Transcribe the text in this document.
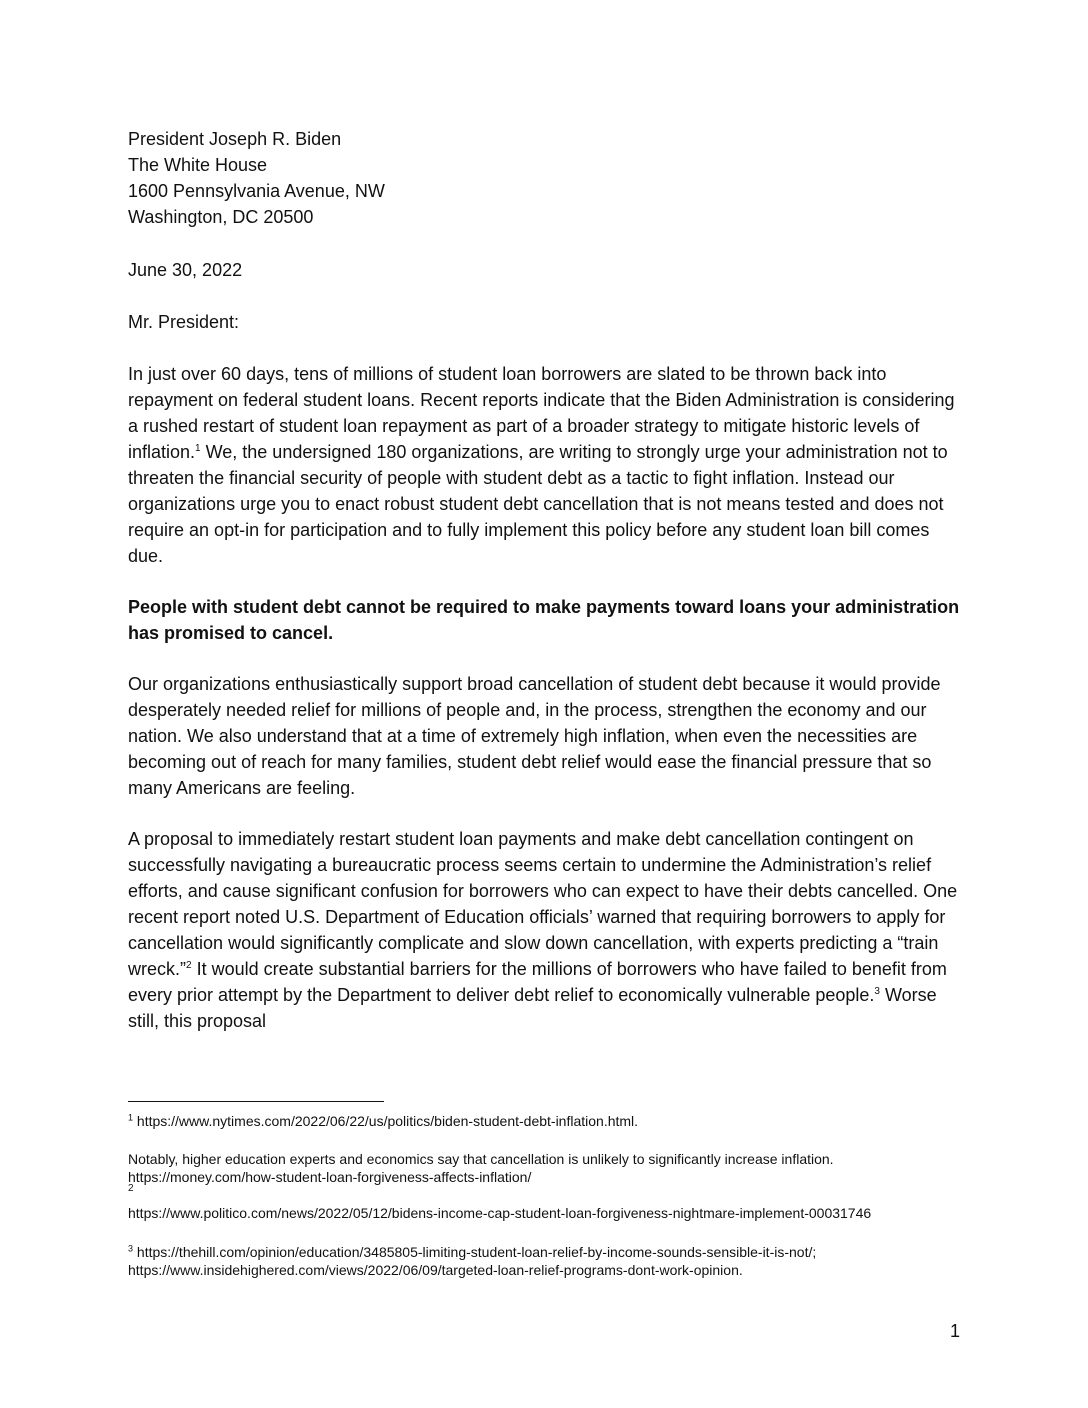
President Joseph R. Biden
The White House
1600 Pennsylvania Avenue, NW
Washington, DC 20500
June 30, 2022
Mr. President:
In just over 60 days, tens of millions of student loan borrowers are slated to be thrown back into repayment on federal student loans. Recent reports indicate that the Biden Administration is considering a rushed restart of student loan repayment as part of a broader strategy to mitigate historic levels of inflation.$^1$ We, the undersigned 180 organizations, are writing to strongly urge your administration not to threaten the financial security of people with student debt as a tactic to fight inflation. Instead our organizations urge you to enact robust student debt cancellation that is not means tested and does not require an opt-in for participation and to fully implement this policy before any student loan bill comes due.
People with student debt cannot be required to make payments toward loans your administration has promised to cancel.
Our organizations enthusiastically support broad cancellation of student debt because it would provide desperately needed relief for millions of people and, in the process, strengthen the economy and our nation. We also understand that at a time of extremely high inflation, when even the necessities are becoming out of reach for many families, student debt relief would ease the financial pressure that so many Americans are feeling.
A proposal to immediately restart student loan payments and make debt cancellation contingent on successfully navigating a bureaucratic process seems certain to undermine the Administration’s relief efforts, and cause significant confusion for borrowers who can expect to have their debts cancelled. One recent report noted U.S. Department of Education officials’ warned that requiring borrowers to apply for cancellation would significantly complicate and slow down cancellation, with experts predicting a “train wreck.”$^2$ It would create substantial barriers for the millions of borrowers who have failed to benefit from every prior attempt by the Department to deliver debt relief to economically vulnerable people.$^3$ Worse still, this proposal
$^1$ https://www.nytimes.com/2022/06/22/us/politics/biden-student-debt-inflation.html.
Notably, higher education experts and economics say that cancellation is unlikely to significantly increase inflation.
https://money.com/how-student-loan-forgiveness-affects-inflation/
2
https://www.politico.com/news/2022/05/12/bidens-income-cap-student-loan-forgiveness-nightmare-implement-00031746
$^3$ https://thehill.com/opinion/education/3485805-limiting-student-loan-relief-by-income-sounds-sensible-it-is-not/;
https://www.insidehighered.com/views/2022/06/09/targeted-loan-relief-programs-dont-work-opinion.
1
